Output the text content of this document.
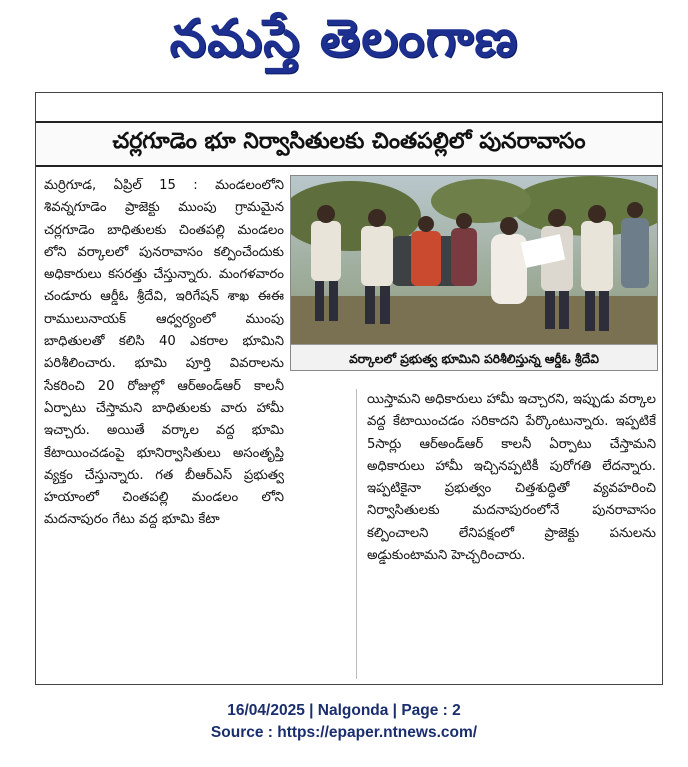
నమస్తే తెలంగాణ
చర్లగూడెం భూ నిర్వాసితులకు చింతపల్లిలో పునరావాసం

మర్రిగూడ, ఏప్రిల్ 15 : మండలంలోని శివన్నగూడెం ప్రాజెక్టు ముంపు గ్రామమైన చర్లగూడెం బాధితులకు చింతపల్లి మండలం లోని వర్కాలలో పునరావాసం కల్పించేందుకు అధికారులు కసరత్తు చేస్తున్నారు. మంగళవారం చండూరు ఆర్డీఓ శ్రీదేవి, ఇరిగేషన్ శాఖ ఈఈ రాములునాయక్ ఆధ్వర్యంలో ముంపు బాధితులతో కలిసి 40 ఎకరాల భూమిని పరిశీలించారు. భూమి పూర్తి వివరాలను సేకరించి 20 రోజుల్లో ఆర్అండ్ఆర్ కాలనీ ఏర్పాటు చేస్తామని బాధితులకు వారు హామీ ఇచ్చారు. అయితే వర్కాల వద్ద భూమి కేటాయించడంపై భూనిర్వాసితులు అసంతృప్తి వ్యక్తం చేస్తున్నారు. గత బీఆర్ఎస్ ప్రభుత్వ హయాంలో చింతపల్లి మండలం లోని మదనాపురం గేటు వద్ద భూమి కేటా

వర్కాలలో ప్రభుత్వ భూమిని పరిశీలిస్తున్న ఆర్డీఓ శ్రీదేవి

యిస్తామని అధికారులు హామీ ఇచ్చారని, ఇప్పుడు వర్కాల వద్ద కేటాయించడం సరికాదని పేర్కొంటున్నారు. ఇప్పటికే 5సార్లు ఆర్అండ్ఆర్ కాలనీ ఏర్పాటు చేస్తామని అధికారులు హామీ ఇచ్చినప్పటికీ పురోగతి లేదన్నారు. ఇప్పటికైనా ప్రభుత్వం చిత్తశుద్ధితో వ్యవహరించి నిర్వాసితులకు మదనాపురంలోనే పునరావాసం కల్పించాలని లేనిపక్షంలో ప్రాజెక్టు పనులను అడ్డుకుంటామని హెచ్చరించారు.

16/04/2025 | Nalgonda | Page : 2
Source : https://epaper.ntnews.com/
